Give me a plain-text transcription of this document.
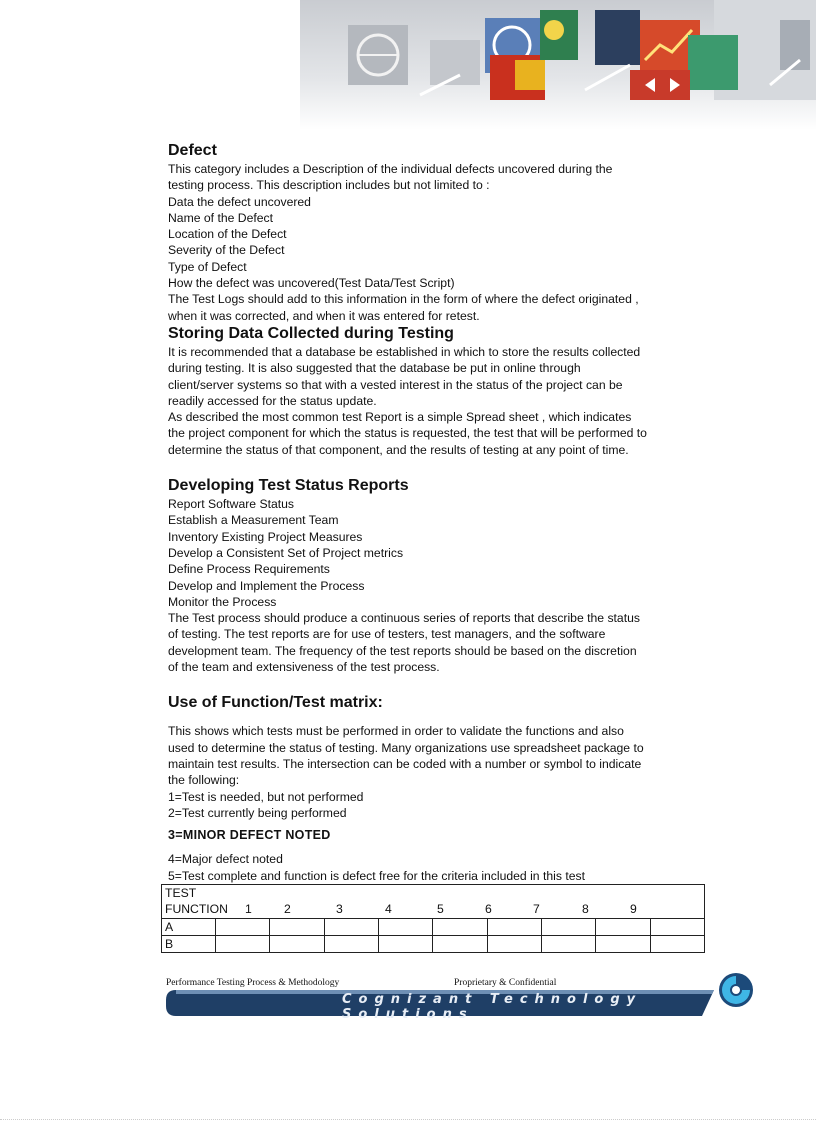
Defect

This category includes a Description of the individual defects uncovered during the

testing process. This description includes but not limited to :

Data the defect uncovered

Name of the Defect

Location of the Defect

Severity of the Defect

Type of Defect

How the defect was uncovered(Test Data/Test Script)

The Test Logs should add to this information in the form of where the defect originated ,

when it was corrected, and when it was entered for retest.

Storing Data Collected during Testing

It is recommended that a database be established in which to store the results collected

during testing. It is also suggested that the database be put in online through

client/server systems so that with a vested interest in the status of the project can be

readily accessed for the status update.

As described the most common test Report is a simple Spread sheet , which indicates

the project component for which the status is requested, the test that will be performed to

determine the status of that component, and the results of testing at any point of time.

Developing Test Status Reports

Report Software Status

Establish a Measurement Team

Inventory Existing Project Measures

Develop a Consistent Set of Project metrics

Define Process Requirements

Develop and Implement the Process

Monitor the Process

The Test process should produce a continuous series of reports that describe the status

of testing. The test reports are for use of testers, test managers, and the software

development team. The frequency of the test reports should be based on the discretion

of the team and extensiveness of the test process.

Use of Function/Test matrix:

This shows which tests must be performed in order to validate the functions and also

used to determine the status of testing. Many organizations use spreadsheet package to

maintain test results. The intersection can be coded with a number or symbol to indicate

the following:

1=Test is needed, but not performed

2=Test currently being performed

3=MINOR DEFECT NOTED

4=Major defect noted

5=Test complete and function is defect free for the criteria included in this test

TEST									
FUNCTION 1 2 3 4 5 6 7 8 9									
A									
B									
Performance Testing Process & Methodology	Proprietary & Confidential
Cognizant Technology Solutions
